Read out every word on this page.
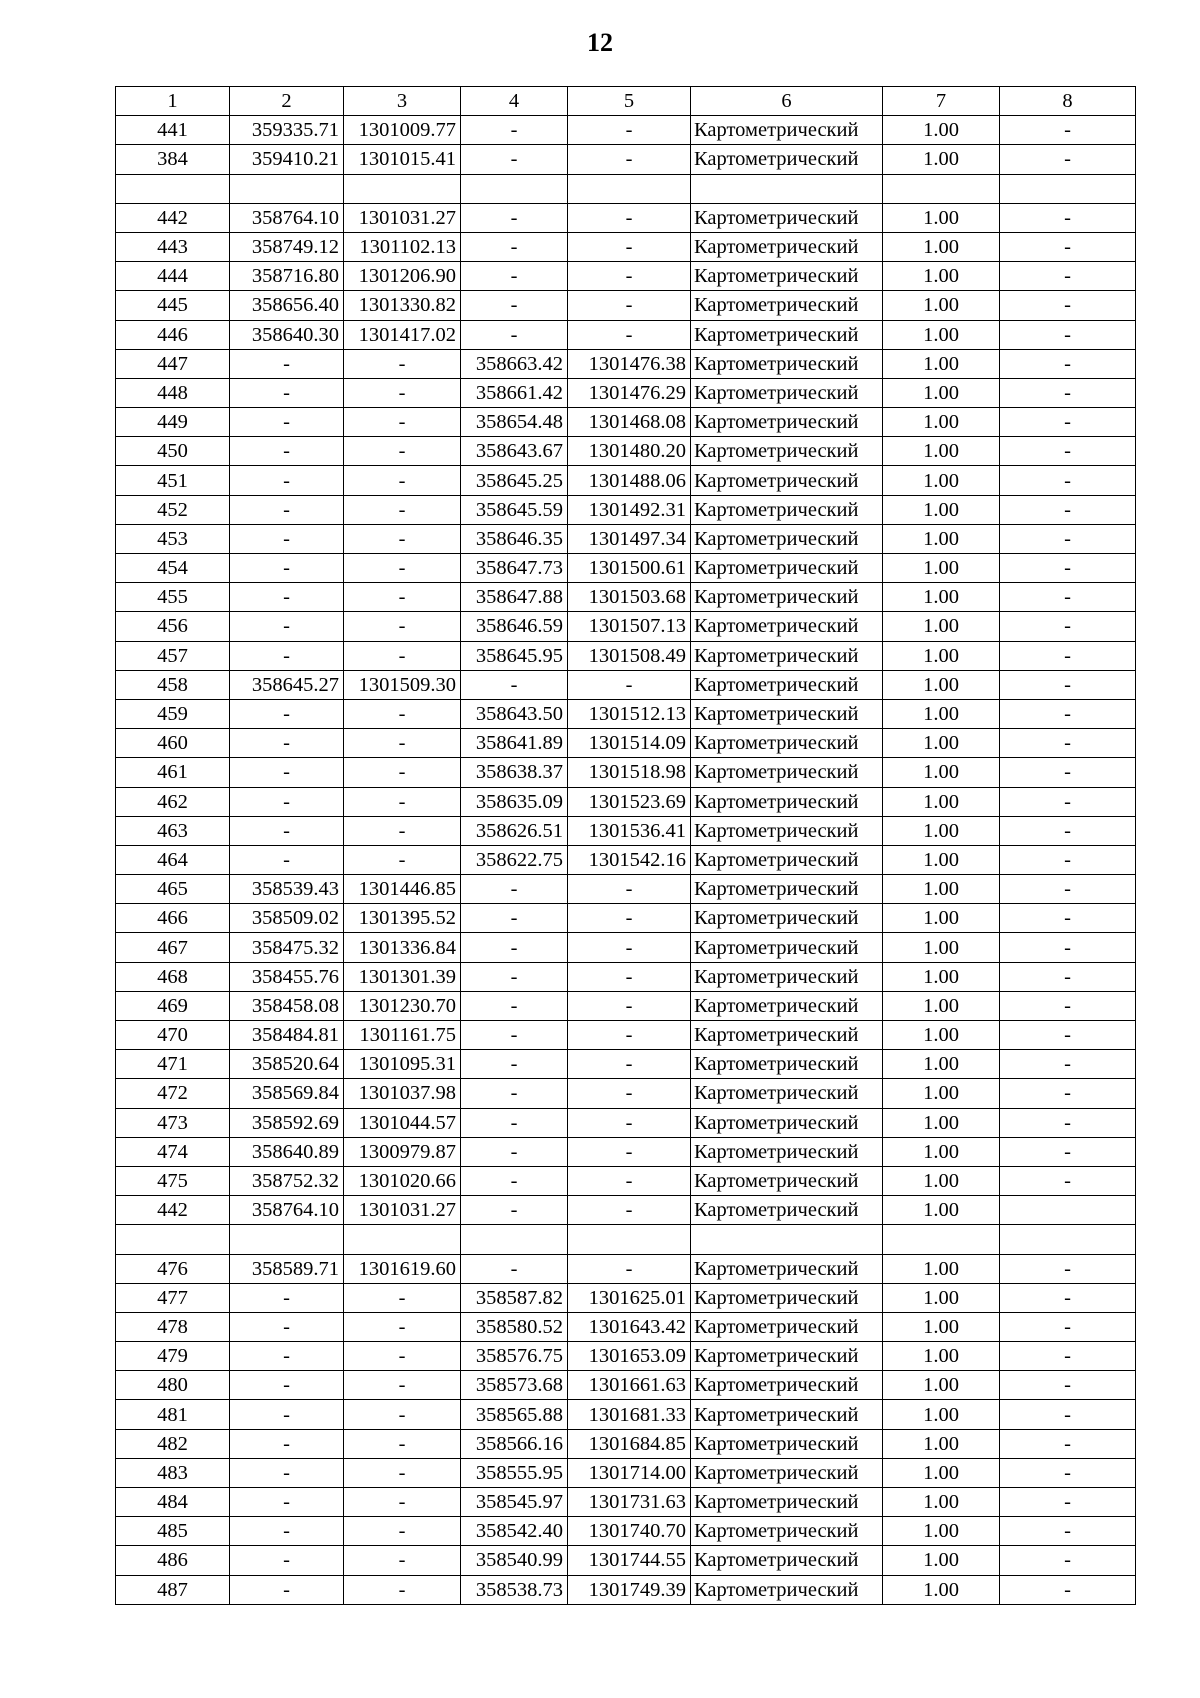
12
1	2	3	4	5	6	7	8
441	359335.71	1301009.77	-	-	Картометрический	1.00	-
384	359410.21	1301015.41	-	-	Картометрический	1.00	-

442	358764.10	1301031.27	-	-	Картометрический	1.00	-
443	358749.12	1301102.13	-	-	Картометрический	1.00	-
444	358716.80	1301206.90	-	-	Картометрический	1.00	-
445	358656.40	1301330.82	-	-	Картометрический	1.00	-
446	358640.30	1301417.02	-	-	Картометрический	1.00	-
447	-	-	358663.42	1301476.38	Картометрический	1.00	-
448	-	-	358661.42	1301476.29	Картометрический	1.00	-
449	-	-	358654.48	1301468.08	Картометрический	1.00	-
450	-	-	358643.67	1301480.20	Картометрический	1.00	-
451	-	-	358645.25	1301488.06	Картометрический	1.00	-
452	-	-	358645.59	1301492.31	Картометрический	1.00	-
453	-	-	358646.35	1301497.34	Картометрический	1.00	-
454	-	-	358647.73	1301500.61	Картометрический	1.00	-
455	-	-	358647.88	1301503.68	Картометрический	1.00	-
456	-	-	358646.59	1301507.13	Картометрический	1.00	-
457	-	-	358645.95	1301508.49	Картометрический	1.00	-
458	358645.27	1301509.30	-	-	Картометрический	1.00	-
459	-	-	358643.50	1301512.13	Картометрический	1.00	-
460	-	-	358641.89	1301514.09	Картометрический	1.00	-
461	-	-	358638.37	1301518.98	Картометрический	1.00	-
462	-	-	358635.09	1301523.69	Картометрический	1.00	-
463	-	-	358626.51	1301536.41	Картометрический	1.00	-
464	-	-	358622.75	1301542.16	Картометрический	1.00	-
465	358539.43	1301446.85	-	-	Картометрический	1.00	-
466	358509.02	1301395.52	-	-	Картометрический	1.00	-
467	358475.32	1301336.84	-	-	Картометрический	1.00	-
468	358455.76	1301301.39	-	-	Картометрический	1.00	-
469	358458.08	1301230.70	-	-	Картометрический	1.00	-
470	358484.81	1301161.75	-	-	Картометрический	1.00	-
471	358520.64	1301095.31	-	-	Картометрический	1.00	-
472	358569.84	1301037.98	-	-	Картометрический	1.00	-
473	358592.69	1301044.57	-	-	Картометрический	1.00	-
474	358640.89	1300979.87	-	-	Картометрический	1.00	-
475	358752.32	1301020.66	-	-	Картометрический	1.00	-
442	358764.10	1301031.27	-	-	Картометрический	1.00	

476	358589.71	1301619.60	-	-	Картометрический	1.00	-
477	-	-	358587.82	1301625.01	Картометрический	1.00	-
478	-	-	358580.52	1301643.42	Картометрический	1.00	-
479	-	-	358576.75	1301653.09	Картометрический	1.00	-
480	-	-	358573.68	1301661.63	Картометрический	1.00	-
481	-	-	358565.88	1301681.33	Картометрический	1.00	-
482	-	-	358566.16	1301684.85	Картометрический	1.00	-
483	-	-	358555.95	1301714.00	Картометрический	1.00	-
484	-	-	358545.97	1301731.63	Картометрический	1.00	-
485	-	-	358542.40	1301740.70	Картометрический	1.00	-
486	-	-	358540.99	1301744.55	Картометрический	1.00	-
487	-	-	358538.73	1301749.39	Картометрический	1.00	-
